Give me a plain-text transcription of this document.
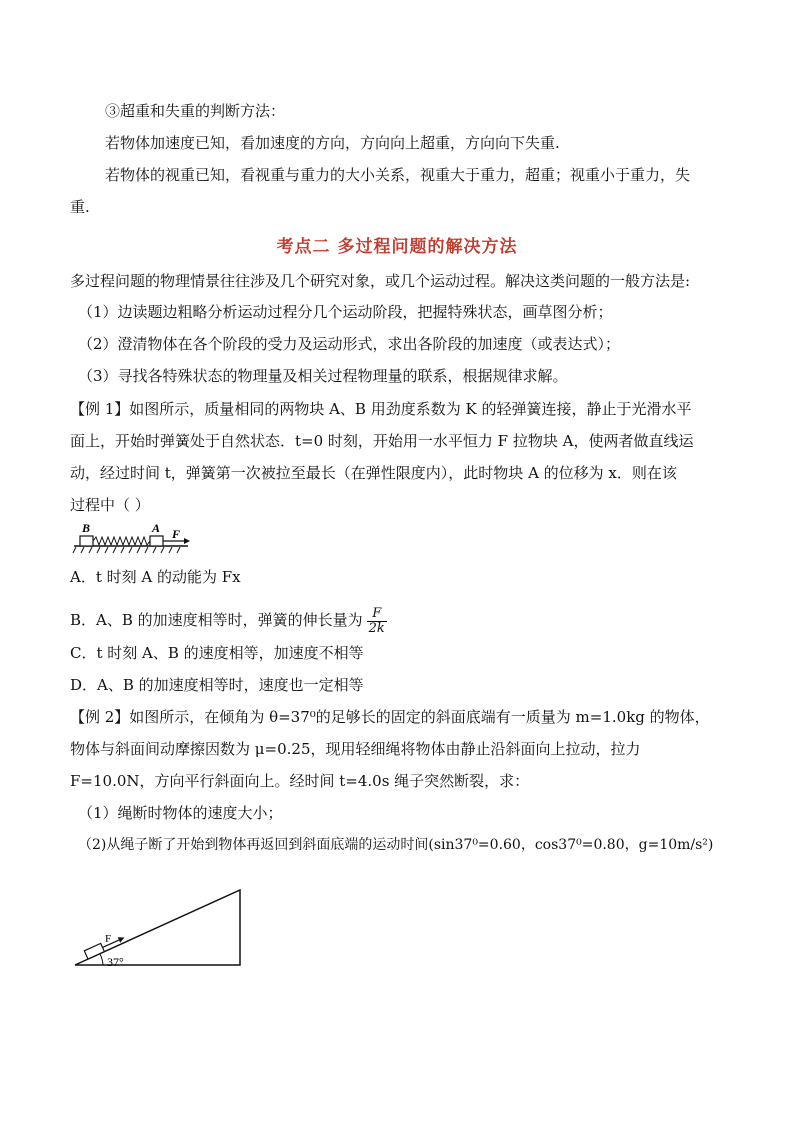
③超重和失重的判断方法：
若物体加速度已知，看加速度的方向，方向向上超重，方向向下失重.
若物体的视重已知，看视重与重力的大小关系，视重大于重力，超重；视重小于重力，失
重.
考点二 多过程问题的解决方法
多过程问题的物理情景往往涉及几个研究对象，或几个运动过程。解决这类问题的一般方法是:
（1）边读题边粗略分析运动过程分几个运动阶段，把握特殊状态，画草图分析；
（2）澄清物体在各个阶段的受力及运动形式，求出各阶段的加速度（或表达式）；
（3）寻找各特殊状态的物理量及相关过程物理量的联系，根据规律求解。
【例 1】如图所示，质量相同的两物块 A、B 用劲度系数为 K 的轻弹簧连接，静止于光滑水平
面上，开始时弹簧处于自然状态．t=0 时刻，开始用一水平恒力 F 拉物块 A，使两者做直线运
动，经过时间 t，弹簧第一次被拉至最长（在弹性限度内），此时物块 A 的位移为 x．则在该
过程中（ ）
B	A F
A．t 时刻 A 的动能为 Fx
B．A、B 的加速度相等时，弹簧的伸长量为 $\frac{F}{2k}$
C．t 时刻 A、B 的速度相等，加速度不相等
D．A、B 的加速度相等时，速度也一定相等
【例 2】如图所示，在倾角为 θ=37⁰的足够长的固定的斜面底端有一质量为 m=1.0kg 的物体，
物体与斜面间动摩擦因数为 μ=0.25，现用轻细绳将物体由静止沿斜面向上拉动，拉力
F=10.0N，方向平行斜面向上。经时间 t=4.0s 绳子突然断裂，求：
（1）绳断时物体的速度大小；
（2)从绳子断了开始到物体再返回到斜面底端的运动时间(sin37⁰=0.60，cos37⁰=0.80，g=10m/s²)
F
37°
